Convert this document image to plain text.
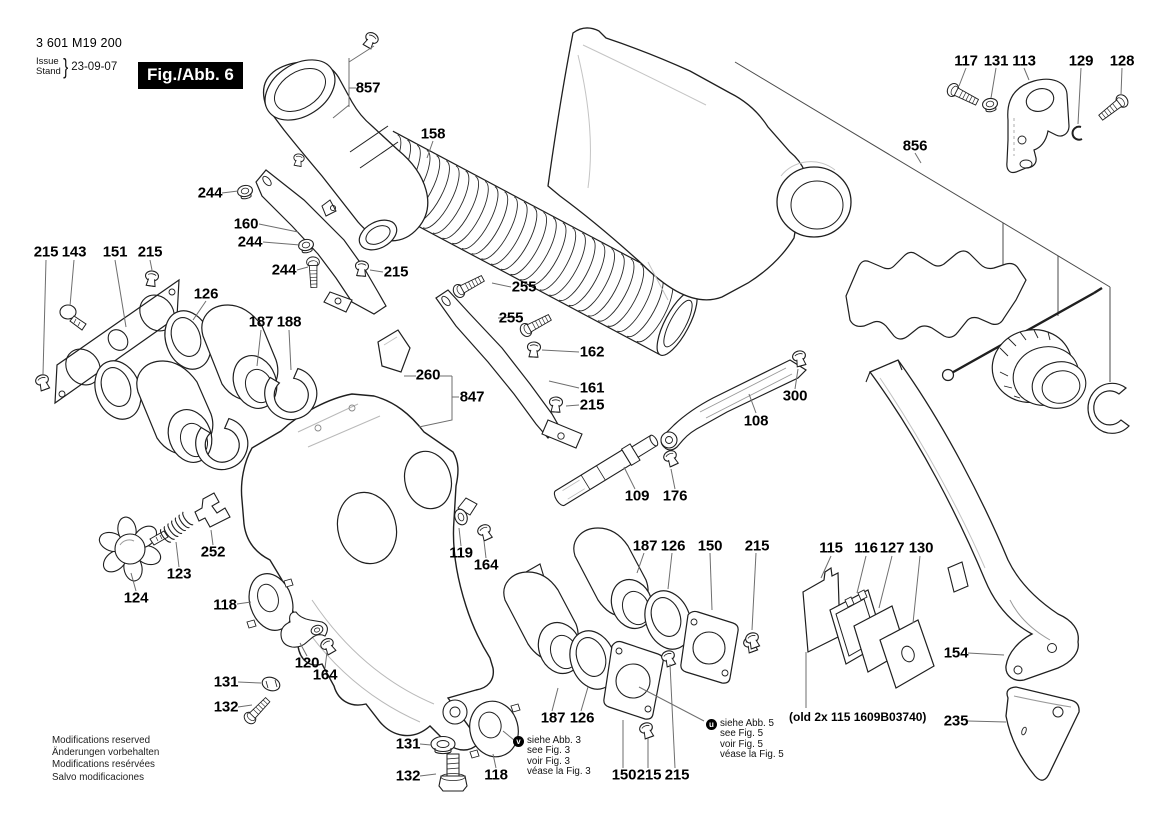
3 601 M19 200
Issue
Stand } 23-09-07	Fig./Abb. 6
Modifications reserved
Änderungen vorbehalten
Modifications resérvées
Salvo modificaciones
(old 2x 115 1609B03740)
857
158
244
160
244
244	215
215 143 151 215
126
187 188
255
255
162
161
215
260
847
108
300
856
117 131 113 129 128
109 176
119
164
187 126 150 215	115 116 127 130
124
123
252
118
120
164
131
132
154
235
131
132	118
187 126
150 215 215
v siehe Abb. 3
see Fig. 3
voir Fig. 3
véase la Fig. 3
u siehe Abb. 5
see Fig. 5
voir Fig. 5
véase la Fig. 5
